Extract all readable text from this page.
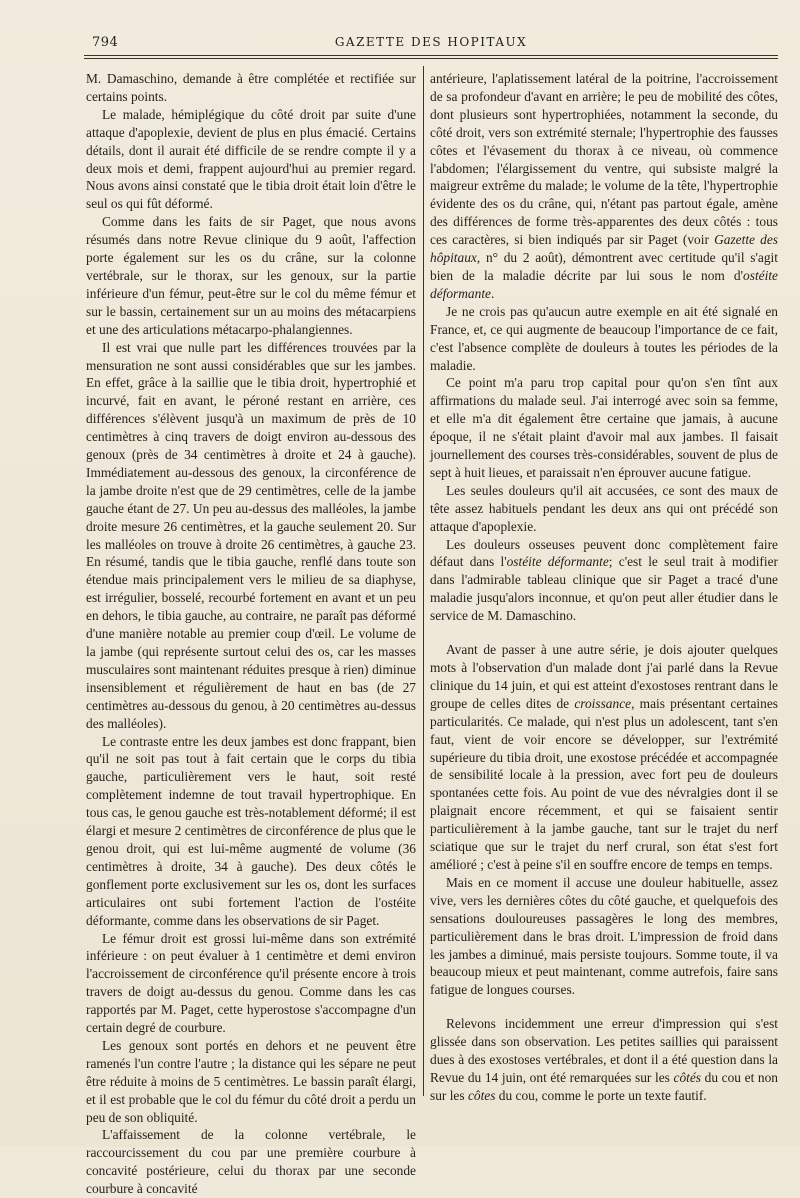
794	GAZETTE DES HOPITAUX

M. Damaschino, demande à être complétée et rectifiée sur certains points.

Le malade, hémiplégique du côté droit par suite d'une attaque d'apoplexie, devient de plus en plus émacié. Certains détails, dont il aurait été difficile de se rendre compte il y a deux mois et demi, frappent aujourd'hui au premier regard. Nous avons ainsi constaté que le tibia droit était loin d'être le seul os qui fût déformé.

Comme dans les faits de sir Paget, que nous avons résumés dans notre Revue clinique du 9 août, l'affection porte également sur les os du crâne, sur la colonne vertébrale, sur le thorax, sur les genoux, sur la partie inférieure d'un fémur, peut-être sur le col du même fémur et sur le bassin, certainement sur un au moins des métacarpiens et une des articulations métacarpo-phalangiennes.

Il est vrai que nulle part les différences trouvées par la mensuration ne sont aussi considérables que sur les jambes. En effet, grâce à la saillie que le tibia droit, hypertrophié et incurvé, fait en avant, le péroné restant en arrière, ces différences s'élèvent jusqu'à un maximum de près de 10 centimètres à cinq travers de doigt environ au-dessous des genoux (près de 34 centimètres à droite et 24 à gauche). Immédiatement au-dessous des genoux, la circonférence de la jambe droite n'est que de 29 centimètres, celle de la jambe gauche étant de 27. Un peu au-dessus des malléoles, la jambe droite mesure 26 centimètres, et la gauche seulement 20. Sur les malléoles on trouve à droite 26 centimètres, à gauche 23. En résumé, tandis que le tibia gauche, renflé dans toute son étendue mais principalement vers le milieu de sa diaphyse, est irrégulier, bosselé, recourbé fortement en avant et un peu en dehors, le tibia gauche, au contraire, ne paraît pas déformé d'une manière notable au premier coup d'œil. Le volume de la jambe (qui représente surtout celui des os, car les masses musculaires sont maintenant réduites presque à rien) diminue insensiblement et régulièrement de haut en bas (de 27 centimètres au-dessous du genou, à 20 centimètres au-dessus des malléoles).

Le contraste entre les deux jambes est donc frappant, bien qu'il ne soit pas tout à fait certain que le corps du tibia gauche, particulièrement vers le haut, soit resté complètement indemne de tout travail hypertrophique. En tous cas, le genou gauche est très-notablement déformé; il est élargi et mesure 2 centimètres de circonférence de plus que le genou droit, qui est lui-même augmenté de volume (36 centimètres à droite, 34 à gauche). Des deux côtés le gonflement porte exclusivement sur les os, dont les surfaces articulaires ont subi fortement l'action de l'ostéite déformante, comme dans les observations de sir Paget.

Le fémur droit est grossi lui-même dans son extrémité inférieure : on peut évaluer à 1 centimètre et demi environ l'accroissement de circonférence qu'il présente encore à trois travers de doigt au-dessus du genou. Comme dans les cas rapportés par M. Paget, cette hyperostose s'accompagne d'un certain degré de courbure.

Les genoux sont portés en dehors et ne peuvent être ramenés l'un contre l'autre ; la distance qui les sépare ne peut être réduite à moins de 5 centimètres. Le bassin paraît élargi, et il est probable que le col du fémur du côté droit a perdu un peu de son obliquité.

L'affaissement de la colonne vertébrale, le raccourcissement du cou par une première courbure à concavité postérieure, celui du thorax par une seconde courbure à concavité

antérieure, l'aplatissement latéral de la poitrine, l'accroissement de sa profondeur d'avant en arrière; le peu de mobilité des côtes, dont plusieurs sont hypertrophiées, notamment la seconde, du côté droit, vers son extrémité sternale; l'hypertrophie des fausses côtes et l'évasement du thorax à ce niveau, où commence l'abdomen; l'élargissement du ventre, qui subsiste malgré la maigreur extrême du malade; le volume de la tête, l'hypertrophie évidente des os du crâne, qui, n'étant pas partout égale, amène des différences de forme très-apparentes des deux côtés : tous ces caractères, si bien indiqués par sir Paget (voir Gazette des hôpitaux, n° du 2 août), démontrent avec certitude qu'il s'agit bien de la maladie décrite par lui sous le nom d'ostéite déformante.

Je ne crois pas qu'aucun autre exemple en ait été signalé en France, et, ce qui augmente de beaucoup l'importance de ce fait, c'est l'absence complète de douleurs à toutes les périodes de la maladie.

Ce point m'a paru trop capital pour qu'on s'en tînt aux affirmations du malade seul. J'ai interrogé avec soin sa femme, et elle m'a dit également être certaine que jamais, à aucune époque, il ne s'était plaint d'avoir mal aux jambes. Il faisait journellement des courses très-considérables, souvent de plus de sept à huit lieues, et paraissait n'en éprouver aucune fatigue.

Les seules douleurs qu'il ait accusées, ce sont des maux de tête assez habituels pendant les deux ans qui ont précédé son attaque d'apoplexie.

Les douleurs osseuses peuvent donc complètement faire défaut dans l'ostéite déformante; c'est le seul trait à modifier dans l'admirable tableau clinique que sir Paget a tracé d'une maladie jusqu'alors inconnue, et qu'on peut aller étudier dans le service de M. Damaschino.

Avant de passer à une autre série, je dois ajouter quelques mots à l'observation d'un malade dont j'ai parlé dans la Revue clinique du 14 juin, et qui est atteint d'exostoses rentrant dans le groupe de celles dites de croissance, mais présentant certaines particularités. Ce malade, qui n'est plus un adolescent, tant s'en faut, vient de voir encore se développer, sur l'extrémité supérieure du tibia droit, une exostose précédée et accompagnée de sensibilité locale à la pression, avec fort peu de douleurs spontanées cette fois. Au point de vue des névralgies dont il se plaignait encore récemment, et qui se faisaient sentir particulièrement à la jambe gauche, tant sur le trajet du nerf sciatique que sur le trajet du nerf crural, son état s'est fort amélioré ; c'est à peine s'il en souffre encore de temps en temps.

Mais en ce moment il accuse une douleur habituelle, assez vive, vers les dernières côtes du côté gauche, et quelquefois des sensations douloureuses passagères le long des membres, particulièrement dans le bras droit. L'impression de froid dans les jambes a diminué, mais persiste toujours. Somme toute, il va beaucoup mieux et peut maintenant, comme autrefois, faire sans fatigue de longues courses.

Relevons incidemment une erreur d'impression qui s'est glissée dans son observation. Les petites saillies qui paraissent dues à des exostoses vertébrales, et dont il a été question dans la Revue du 14 juin, ont été remarquées sur les côtés du cou et non sur les côtes du cou, comme le porte un texte fautif.
